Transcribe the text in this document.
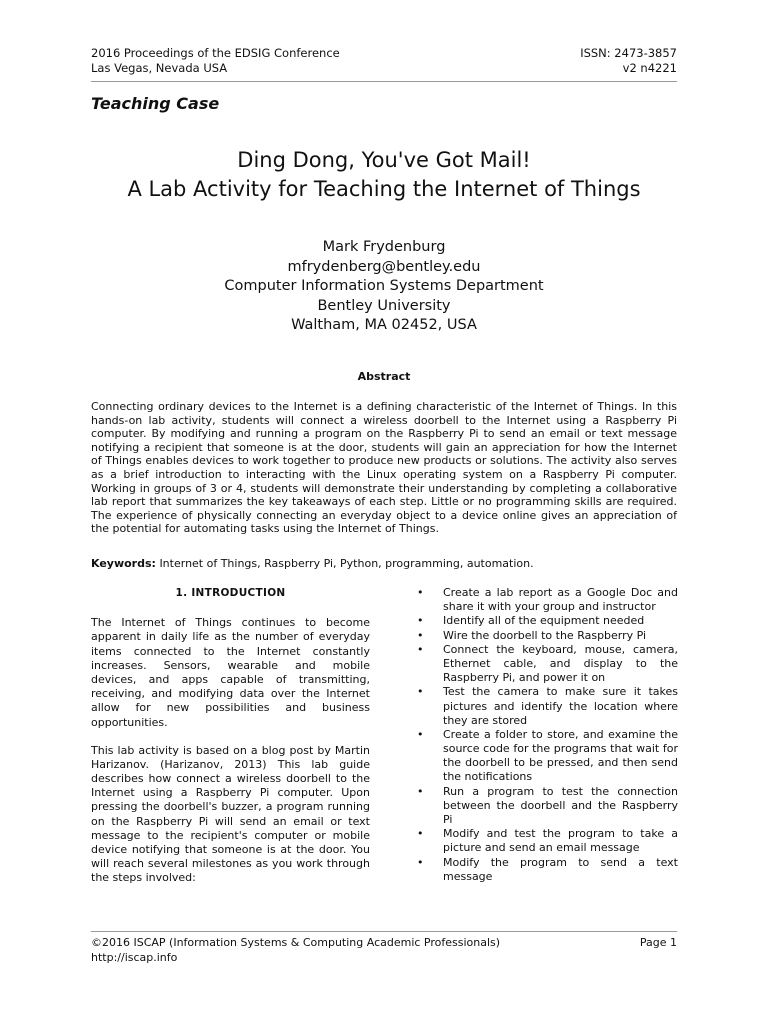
2016 Proceedings of the EDSIG Conference
Las Vegas, Nevada USA
ISSN: 2473-3857
v2 n4221
Teaching Case
Ding Dong, You've Got Mail!
A Lab Activity for Teaching the Internet of Things
Mark Frydenburg
mfrydenberg@bentley.edu
Computer Information Systems Department
Bentley University
Waltham, MA 02452, USA
Abstract
Connecting ordinary devices to the Internet is a defining characteristic of the Internet of Things. In this
hands-on lab activity, students will connect a wireless doorbell to the Internet using a Raspberry Pi
computer. By modifying and running a program on the Raspberry Pi to send an email or text message
notifying a recipient that someone is at the door, students will gain an appreciation for how the Internet
of Things enables devices to work together to produce new products or solutions. The activity also serves
as a brief introduction to interacting with the Linux operating system on a Raspberry Pi computer.
Working in groups of 3 or 4, students will demonstrate their understanding by completing a collaborative
lab report that summarizes the key takeaways of each step. Little or no programming skills are required.
The experience of physically connecting an everyday object to a device online gives an appreciation of
the potential for automating tasks using the Internet of Things.
Keywords: Internet of Things, Raspberry Pi, Python, programming, automation.
1. INTRODUCTION
The Internet of Things continues to become
apparent in daily life as the number of everyday
items connected to the Internet constantly
increases. Sensors, wearable and mobile
devices, and apps capable of transmitting,
receiving, and modifying data over the Internet
allow for new possibilities and business
opportunities.
This lab activity is based on a blog post by Martin
Harizanov. (Harizanov, 2013) This lab guide
describes how connect a wireless doorbell to the
Internet using a Raspberry Pi computer. Upon
pressing the doorbell's buzzer, a program running
on the Raspberry Pi will send an email or text
message to the recipient's computer or mobile
device notifying that someone is at the door. You
will reach several milestones as you work through
the steps involved:
• Create a lab report as a Google Doc and
share it with your group and instructor
• Identify all of the equipment needed
• Wire the doorbell to the Raspberry Pi
• Connect the keyboard, mouse, camera,
Ethernet cable, and display to the
Raspberry Pi, and power it on
• Test the camera to make sure it takes
pictures and identify the location where
they are stored
• Create a folder to store, and examine the
source code for the programs that wait for
the doorbell to be pressed, and then send
the notifications
• Run a program to test the connection
between the doorbell and the Raspberry
Pi
• Modify and test the program to take a
picture and send an email message
• Modify the program to send a text
message
©2016 ISCAP (Information Systems & Computing Academic Professionals)
http://iscap.info
Page 1
